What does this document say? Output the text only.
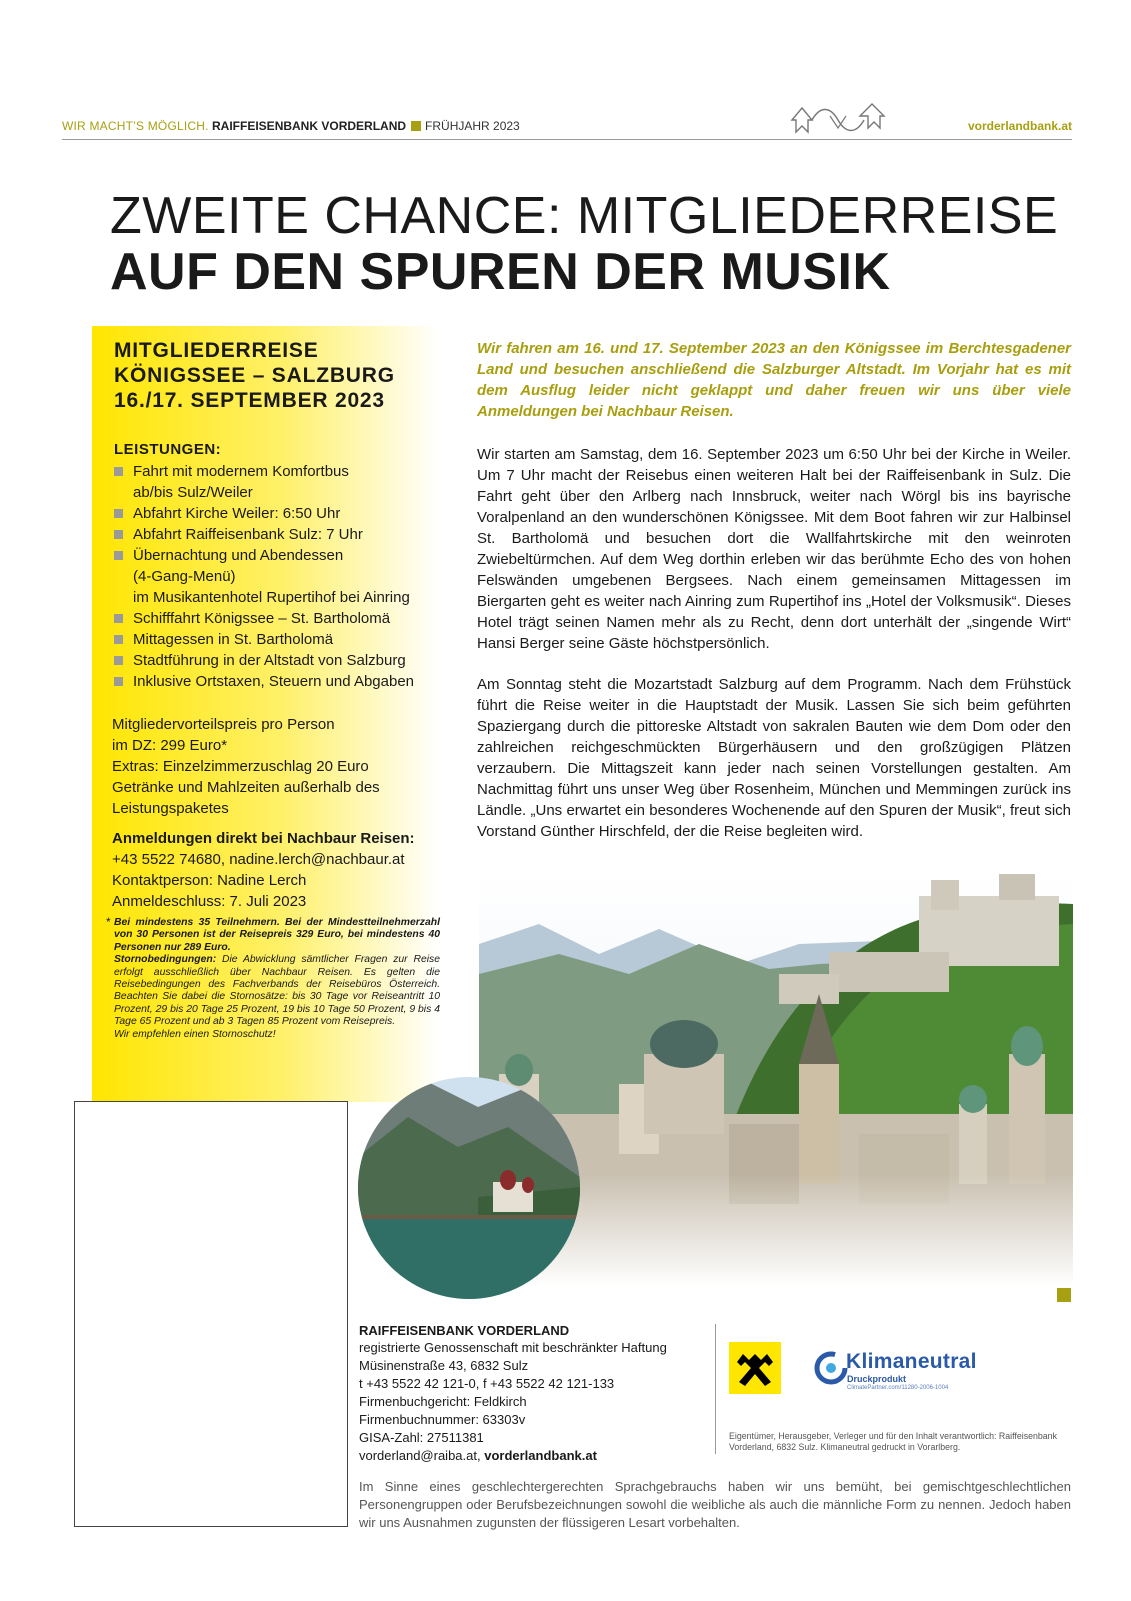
WIR MACHT’S MÖGLICH. RAIFFEISENBANK VORDERLAND FRÜHJAHR 2023	vorderlandbank.at
ZWEITE CHANCE: MITGLIEDERREISE
AUF DEN SPUREN DER MUSIK
MITGLIEDERREISE
KÖNIGSSEE – SALZBURG
16./17. SEPTEMBER 2023
LEISTUNGEN:
Fahrt mit modernem Komfortbus
ab/bis Sulz/Weiler
Abfahrt Kirche Weiler: 6:50 Uhr
Abfahrt Raiffeisenbank Sulz: 7 Uhr
Übernachtung und Abendessen
(4-Gang-Menü)
im Musikantenhotel Rupertihof bei Ainring
Schifffahrt Königssee – St. Bartholomä
Mittagessen in St. Bartholomä
Stadtführung in der Altstadt von Salzburg
Inklusive Ortstaxen, Steuern und Abgaben
Mitgliedervorteilspreis pro Person
im DZ: 299 Euro*
Extras: Einzelzimmerzuschlag 20 Euro
Getränke und Mahlzeiten außerhalb des
Leistungspaketes
Anmeldungen direkt bei Nachbaur Reisen:
+43 5522 74680, nadine.lerch@nachbaur.at
Kontaktperson: Nadine Lerch
Anmeldeschluss: 7. Juli 2023
* Bei mindestens 35 Teilnehmern. Bei der Mindestteilnehmerzahl von 30 Personen ist der Reisepreis 329 Euro, bei mindestens 40 Personen nur 289 Euro.
Stornobedingungen: Die Abwicklung sämtlicher Fragen zur Reise erfolgt ausschließlich über Nachbaur Reisen. Es gelten die Reisebedingungen des Fachverbands der Reisebüros Österreich. Beachten Sie dabei die Stornosätze: bis 30 Tage vor Reiseantritt 10 Prozent, 29 bis 20 Tage 25 Prozent, 19 bis 10 Tage 50 Prozent, 9 bis 4 Tage 65 Prozent und ab 3 Tagen 85 Prozent vom Reisepreis.
Wir empfehlen einen Stornoschutz!
Wir fahren am 16. und 17. September 2023 an den Königssee im Berchtesgadener Land und besuchen anschließend die Salzburger Altstadt. Im Vorjahr hat es mit dem Ausflug leider nicht geklappt und daher freuen wir uns über viele Anmeldungen bei Nachbaur Reisen.
Wir starten am Samstag, dem 16. September 2023 um 6:50 Uhr bei der Kirche in Weiler. Um 7 Uhr macht der Reisebus einen weiteren Halt bei der Raiffeisenbank in Sulz. Die Fahrt geht über den Arlberg nach Innsbruck, weiter nach Wörgl bis ins bayrische Voralpenland an den wunderschönen Königssee. Mit dem Boot fahren wir zur Halbinsel St. Bartholomä und besuchen dort die Wallfahrtskirche mit den weinroten Zwiebeltürmchen. Auf dem Weg dorthin erleben wir das berühmte Echo des von hohen Felswänden umgebenen Bergsees. Nach einem gemeinsamen Mittagessen im Biergarten geht es weiter nach Ainring zum Rupertihof ins „Hotel der Volksmusik“. Dieses Hotel trägt seinen Namen mehr als zu Recht, denn dort unterhält der „singende Wirt“ Hansi Berger seine Gäste höchstpersönlich.
Am Sonntag steht die Mozartstadt Salzburg auf dem Programm. Nach dem Frühstück führt die Reise weiter in die Hauptstadt der Musik. Lassen Sie sich beim geführten Spaziergang durch die pittoreske Altstadt von sakralen Bauten wie dem Dom oder den zahlreichen reichgeschmückten Bürgerhäusern und den großzügigen Plätzen verzaubern. Die Mittagszeit kann jeder nach seinen Vorstellungen gestalten. Am Nachmittag führt uns unser Weg über Rosenheim, München und Memmingen zurück ins Ländle. „Uns erwartet ein besonderes Wochenende auf den Spuren der Musik“, freut sich Vorstand Günther Hirschfeld, der die Reise begleiten wird.
RAIFFEISENBANK VORDERLAND
registrierte Genossenschaft mit beschränkter Haftung
Müsinenstraße 43, 6832 Sulz
t +43 5522 42 121-0, f +43 5522 42 121-133
Firmenbuchgericht: Feldkirch
Firmenbuchnummer: 63303v
GISA-Zahl: 27511381
vorderland@raiba.at, vorderlandbank.at
Klimaneutral
Druckprodukt
ClimatePartner.com/11280-2006-1004
Eigentümer, Herausgeber, Verleger und für den Inhalt verantwortlich: Raiffeisenbank Vorderland, 6832 Sulz. Klimaneutral gedruckt in Vorarlberg.
Im Sinne eines geschlechtergerechten Sprachgebrauchs haben wir uns bemüht, bei gemischtgeschlechtlichen Personengruppen oder Berufsbezeichnungen sowohl die weibliche als auch die männliche Form zu nennen. Jedoch haben wir uns Ausnahmen zugunsten der flüssigeren Lesart vorbehalten.
